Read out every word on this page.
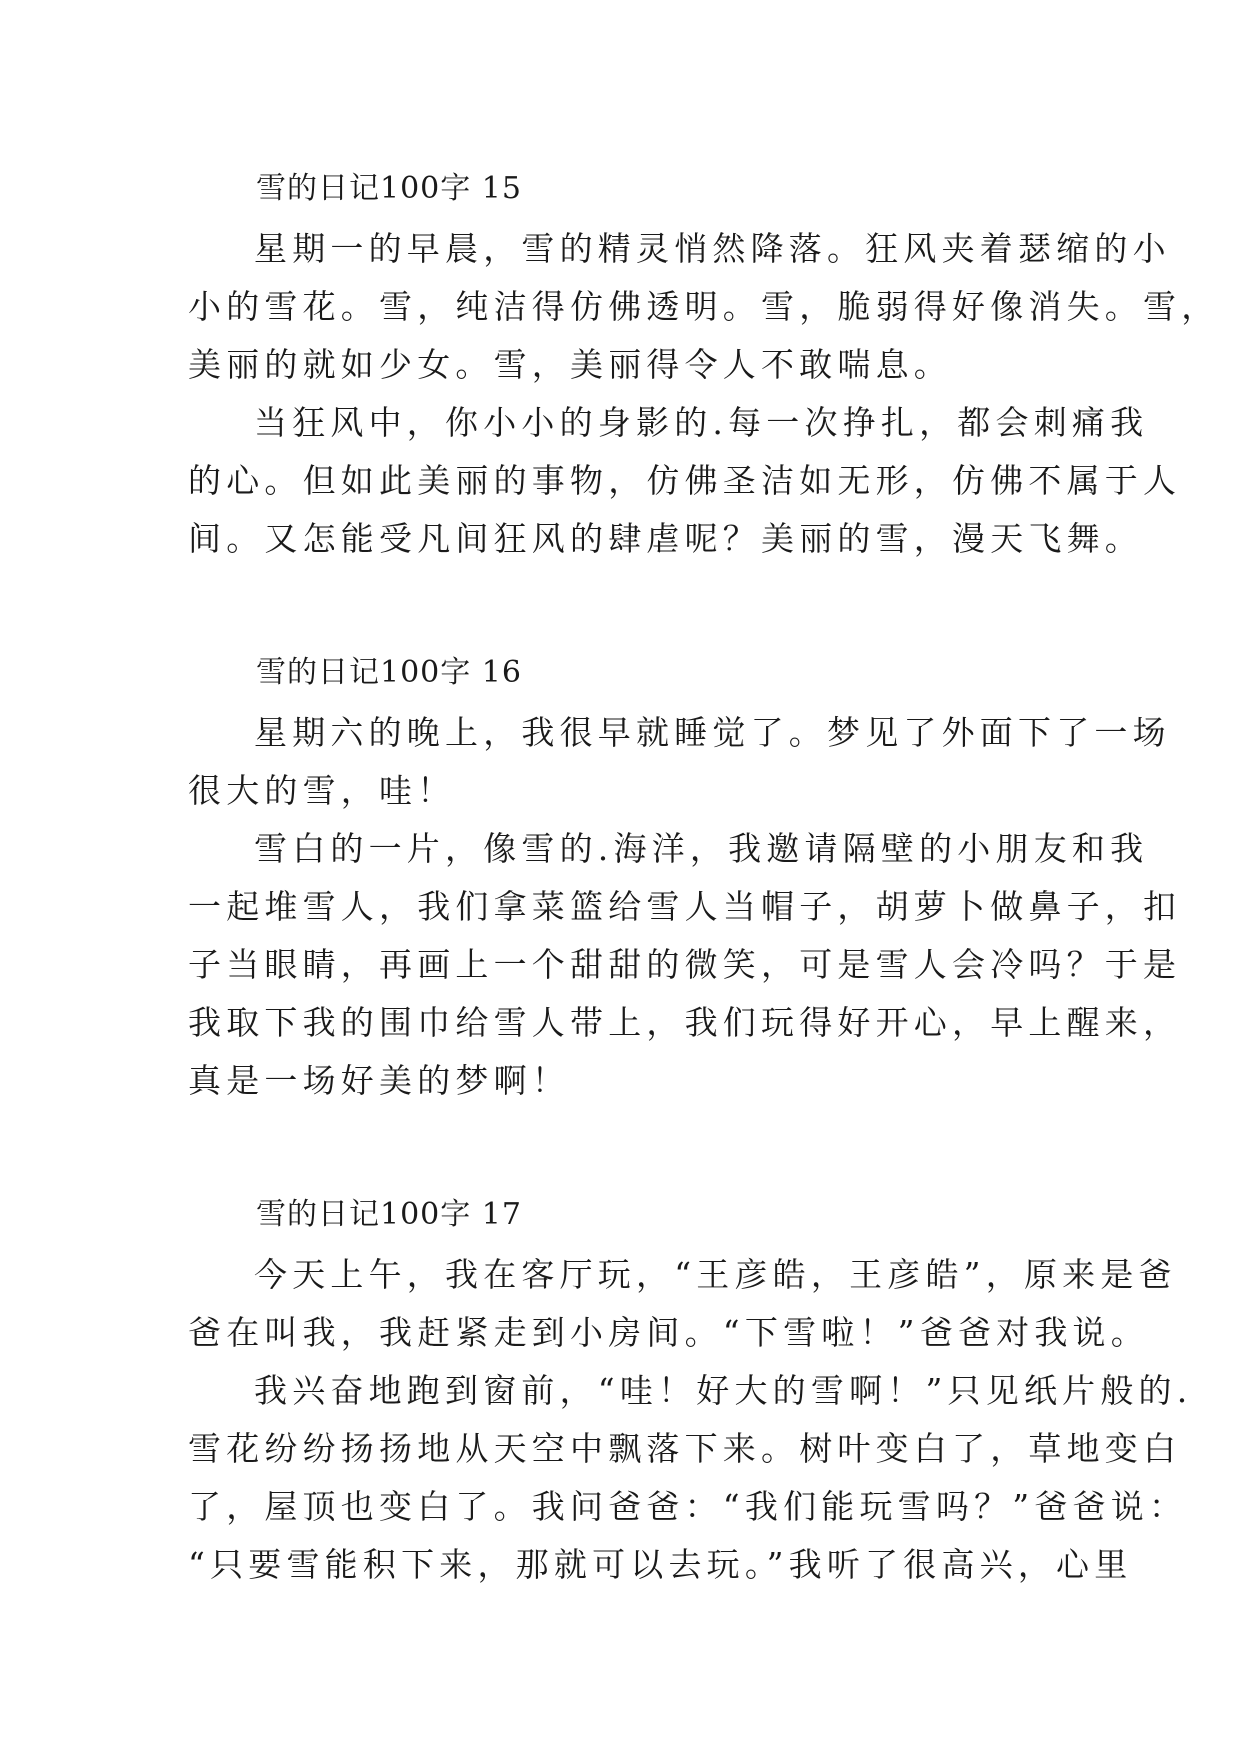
雪的日记100字 15

星期一的早晨，雪的精灵悄然降落。狂风夹着瑟缩的小
小的雪花。雪，纯洁得仿佛透明。雪，脆弱得好像消失。雪，
美丽的就如少女。雪，美丽得令人不敢喘息。

当狂风中，你小小的身影的.每一次挣扎，都会刺痛我
的心。但如此美丽的事物，仿佛圣洁如无形，仿佛不属于人
间。又怎能受凡间狂风的肆虐呢？美丽的雪，漫天飞舞。

雪的日记100字 16

星期六的晚上，我很早就睡觉了。梦见了外面下了一场
很大的雪，哇！

雪白的一片，像雪的.海洋，我邀请隔壁的小朋友和我
一起堆雪人，我们拿菜篮给雪人当帽子，胡萝卜做鼻子，扣
子当眼睛，再画上一个甜甜的微笑，可是雪人会冷吗？于是
我取下我的围巾给雪人带上，我们玩得好开心，早上醒来，
真是一场好美的梦啊！

雪的日记100字 17

今天上午，我在客厅玩，“王彦皓，王彦皓”，原来是爸
爸在叫我，我赶紧走到小房间。“下雪啦！”爸爸对我说。

我兴奋地跑到窗前，“哇！好大的雪啊！”只见纸片般的.
雪花纷纷扬扬地从天空中飘落下来。树叶变白了，草地变白
了，屋顶也变白了。我问爸爸：“我们能玩雪吗？”爸爸说：
“只要雪能积下来，那就可以去玩。”我听了很高兴，心里
